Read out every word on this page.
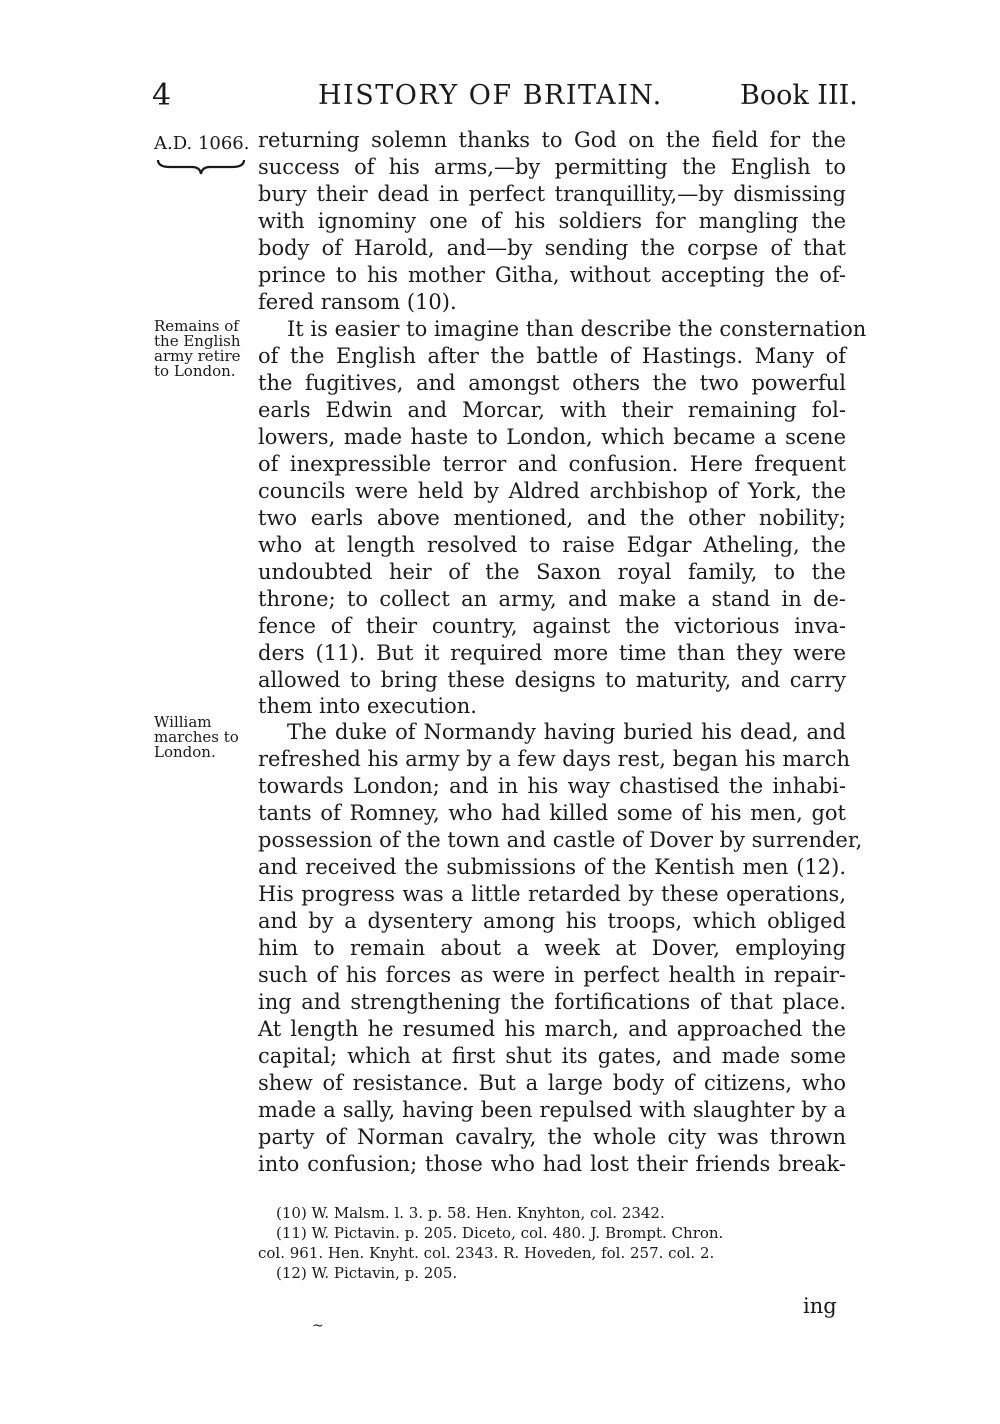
4	HISTORY OF BRITAIN.	Book III.
A.D. 1066.
Remains of
the English
army retire
to London.
William
marches to
London.
returning solemn thanks to God on the field for the
success of his arms,—by permitting the English to
bury their dead in perfect tranquillity,—by dismissing
with ignominy one of his soldiers for mangling the
body of Harold, and—by sending the corpse of that
prince to his mother Githa, without accepting the of-
fered ransom (10).
It is easier to imagine than describe the consternation
of the English after the battle of Hastings. Many of
the fugitives, and amongst others the two powerful
earls Edwin and Morcar, with their remaining fol-
lowers, made haste to London, which became a scene
of inexpressible terror and confusion. Here frequent
councils were held by Aldred archbishop of York, the
two earls above mentioned, and the other nobility;
who at length resolved to raise Edgar Atheling, the
undoubted heir of the Saxon royal family, to the
throne; to collect an army, and make a stand in de-
fence of their country, against the victorious inva-
ders (11). But it required more time than they were
allowed to bring these designs to maturity, and carry
them into execution.
The duke of Normandy having buried his dead, and
refreshed his army by a few days rest, began his march
towards London; and in his way chastised the inhabi-
tants of Romney, who had killed some of his men, got
possession of the town and castle of Dover by surrender,
and received the submissions of the Kentish men (12).
His progress was a little retarded by these operations,
and by a dysentery among his troops, which obliged
him to remain about a week at Dover, employing
such of his forces as were in perfect health in repair-
ing and strengthening the fortifications of that place.
At length he resumed his march, and approached the
capital; which at first shut its gates, and made some
shew of resistance. But a large body of citizens, who
made a sally, having been repulsed with slaughter by a
party of Norman cavalry, the whole city was thrown
into confusion; those who had lost their friends break-
(10) W. Malsm. l. 3. p. 58. Hen. Knyhton, col. 2342.
(11) W. Pictavin. p. 205. Diceto, col. 480. J. Brompt. Chron.
col. 961. Hen. Knyht. col. 2343. R. Hoveden, fol. 257. col. 2.
(12) W. Pictavin, p. 205.
ing
~
